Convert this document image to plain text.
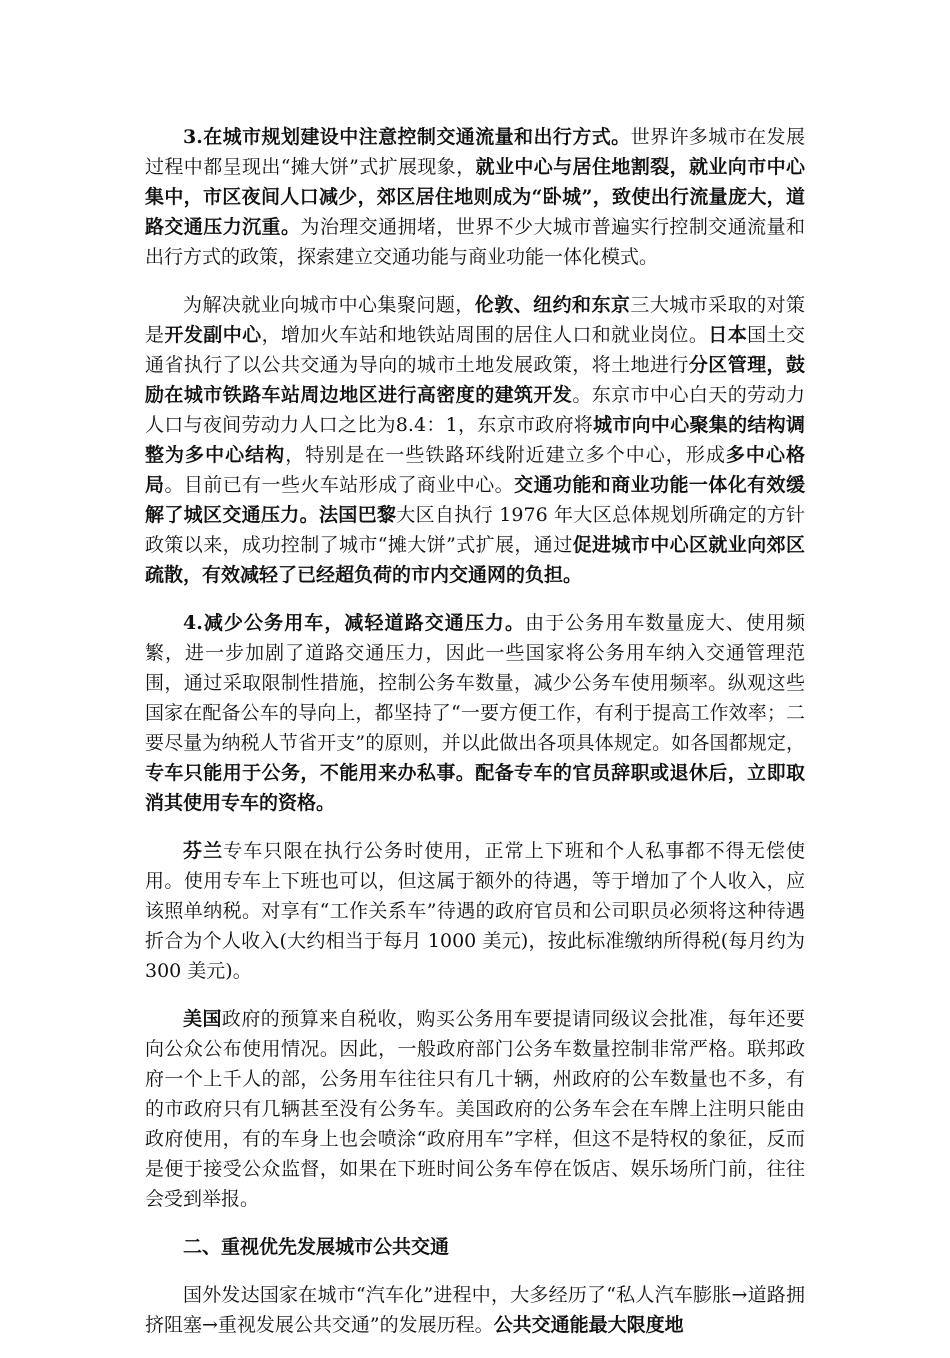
3.在城市规划建设中注意控制交通流量和出行方式。世界许多城市在发展过程中都呈现出“摊大饼”式扩展现象，就业中心与居住地割裂，就业向市中心集中，市区夜间人口减少，郊区居住地则成为“卧城”，致使出行流量庞大，道路交通压力沉重。为治理交通拥堵，世界不少大城市普遍实行控制交通流量和出行方式的政策，探索建立交通功能与商业功能一体化模式。

为解决就业向城市中心集聚问题，伦敦、纽约和东京三大城市采取的对策是开发副中心，增加火车站和地铁站周围的居住人口和就业岗位。日本国土交通省执行了以公共交通为导向的城市土地发展政策，将土地进行分区管理，鼓励在城市铁路车站周边地区进行高密度的建筑开发。东京市中心白天的劳动力人口与夜间劳动力人口之比为8.4：1，东京市政府将城市向中心聚集的结构调整为多中心结构，特别是在一些铁路环线附近建立多个中心，形成多中心格局。目前已有一些火车站形成了商业中心。交通功能和商业功能一体化有效缓解了城区交通压力。法国巴黎大区自执行 1976 年大区总体规划所确定的方针政策以来，成功控制了城市“摊大饼”式扩展，通过促进城市中心区就业向郊区疏散，有效减轻了已经超负荷的市内交通网的负担。

4.减少公务用车，减轻道路交通压力。由于公务用车数量庞大、使用频繁，进一步加剧了道路交通压力，因此一些国家将公务用车纳入交通管理范围，通过采取限制性措施，控制公务车数量，减少公务车使用频率。纵观这些国家在配备公车的导向上，都坚持了“一要方便工作，有利于提高工作效率；二要尽量为纳税人节省开支”的原则，并以此做出各项具体规定。如各国都规定，专车只能用于公务，不能用来办私事。配备专车的官员辞职或退休后，立即取消其使用专车的资格。

芬兰专车只限在执行公务时使用，正常上下班和个人私事都不得无偿使用。使用专车上下班也可以，但这属于额外的待遇，等于增加了个人收入，应该照单纳税。对享有“工作关系车”待遇的政府官员和公司职员必须将这种待遇折合为个人收入(大约相当于每月 1000 美元)，按此标准缴纳所得税(每月约为 300 美元)。

美国政府的预算来自税收，购买公务用车要提请同级议会批准，每年还要向公众公布使用情况。因此，一般政府部门公务车数量控制非常严格。联邦政府一个上千人的部，公务用车往往只有几十辆，州政府的公车数量也不多，有的市政府只有几辆甚至没有公务车。美国政府的公务车会在车牌上注明只能由政府使用，有的车身上也会喷涂“政府用车”字样，但这不是特权的象征，反而是便于接受公众监督，如果在下班时间公务车停在饭店、娱乐场所门前，往往会受到举报。

二、重视优先发展城市公共交通

国外发达国家在城市“汽车化”进程中，大多经历了“私人汽车膨胀→道路拥挤阻塞→重视发展公共交通”的发展历程。公共交通能最大限度地
